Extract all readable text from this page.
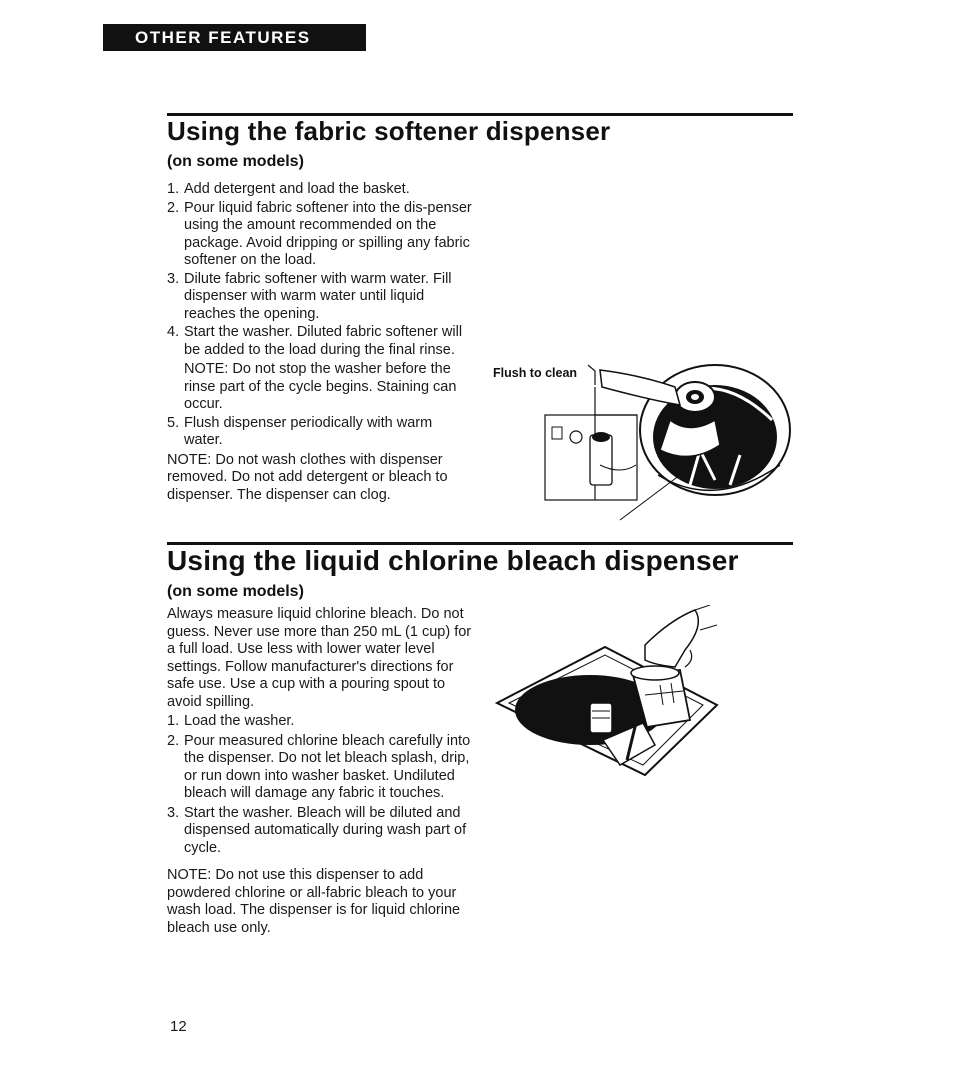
OTHER FEATURES
Using the fabric softener dispenser
(on some models)
1. Add detergent and load the basket.
2. Pour liquid fabric softener into the dis-penser using the amount recommended on the package. Avoid dripping or spilling any fabric softener on the load.
3. Dilute fabric softener with warm water. Fill dispenser with warm water until liquid reaches the opening.
4. Start the washer. Diluted fabric softener will be added to the load during the final rinse.

NOTE: Do not stop the washer before the rinse part of the cycle begins. Staining can occur.

5. Flush dispenser periodically with warm water.

NOTE: Do not wash clothes with dispenser removed. Do not add detergent or bleach to dispenser. The dispenser can clog.

Flush to clean
Using the liquid chlorine bleach dispenser
(on some models)

Always measure liquid chlorine bleach. Do not guess. Never use more than 250 mL (1 cup) for a full load. Use less with lower water level settings. Follow manufacturer's directions for safe use. Use a cup with a pouring spout to avoid spilling.

1. Load the washer.
2. Pour measured chlorine bleach carefully into the dispenser. Do not let bleach splash, drip, or run down into washer basket. Undiluted bleach will damage any fabric it touches.
3. Start the washer. Bleach will be diluted and dispensed automatically during wash part of cycle.

NOTE: Do not use this dispenser to add powdered chlorine or all-fabric bleach to your wash load. The dispenser is for liquid chlorine bleach use only.

12
